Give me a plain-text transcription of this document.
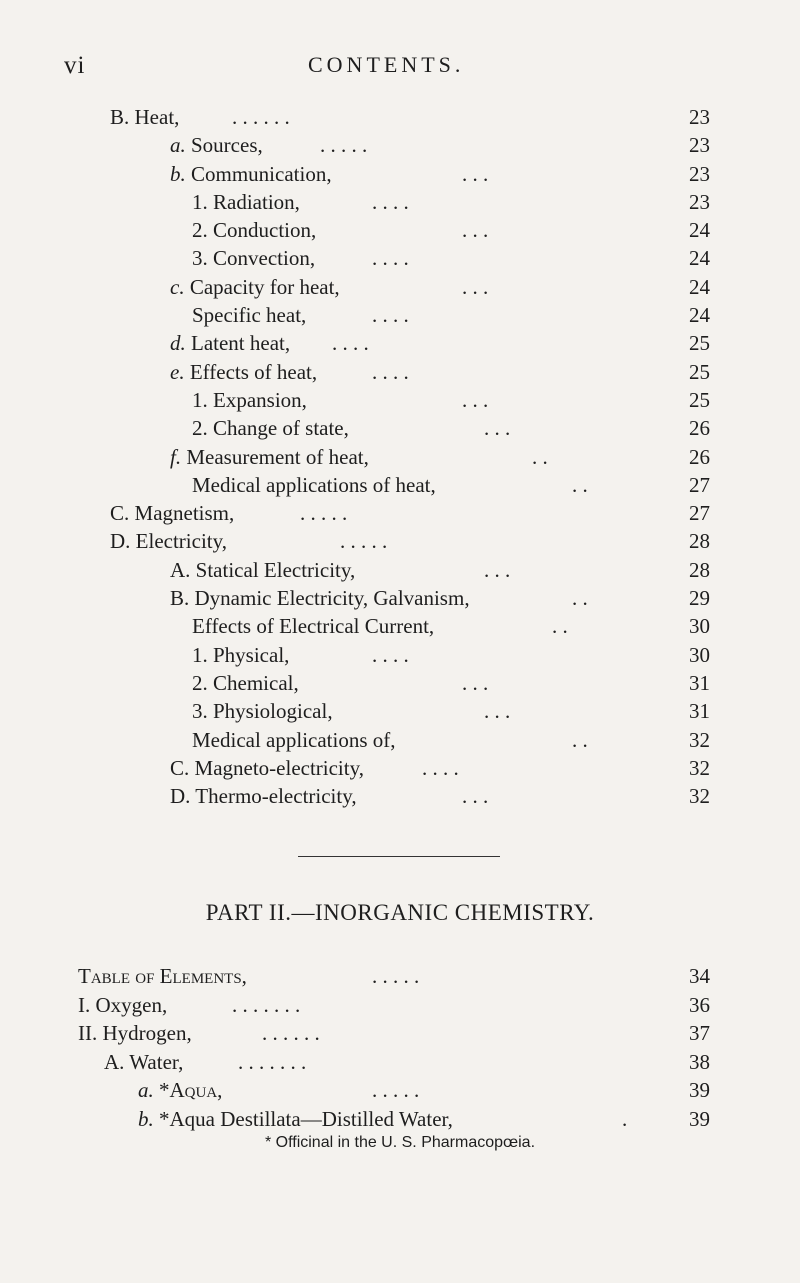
vi	CONTENTS.
B. Heat,	. . . . . .	23
a. Sources,	. . . . .	23
b. Communication,	. . .	23
1. Radiation,	. . . .	23
2. Conduction,	. . .	24
3. Convection,	. . . .	24
c. Capacity for heat,	. . .	24
Specific heat,	. . . .	24
d. Latent heat, . . . .	25
e. Effects of heat,	. . . .	25
1. Expansion,	. . .	25
2. Change of state,	. . .	26
f. Measurement of heat,	. .	26
Medical applications of heat,	. .	27
C. Magnetism,	. . . . .	27
D. Electricity,	. . . . .	28
A. Statical Electricity,	. . .	28
B. Dynamic Electricity, Galvanism,	. .	29
Effects of Electrical Current,	. .	30
1. Physical,	. . . .	30
2. Chemical,	. . .	31
3. Physiological,	. . .	31
Medical applications of,	. .	32
C. Magneto-electricity,	. . . .	32
D. Thermo-electricity,	. . .	32
PART II.—INORGANIC CHEMISTRY.
Table of Elements,	. . . . .	34
I. Oxygen,	. . . . . . .	36
II. Hydrogen,	. . . . . .	37
A. Water,	. . . . . . .	38
a. *Aqua,	. . . . .	39
b. *Aqua Destillata—Distilled Water,	.	39
* Officinal in the U. S. Pharmacopœia.
